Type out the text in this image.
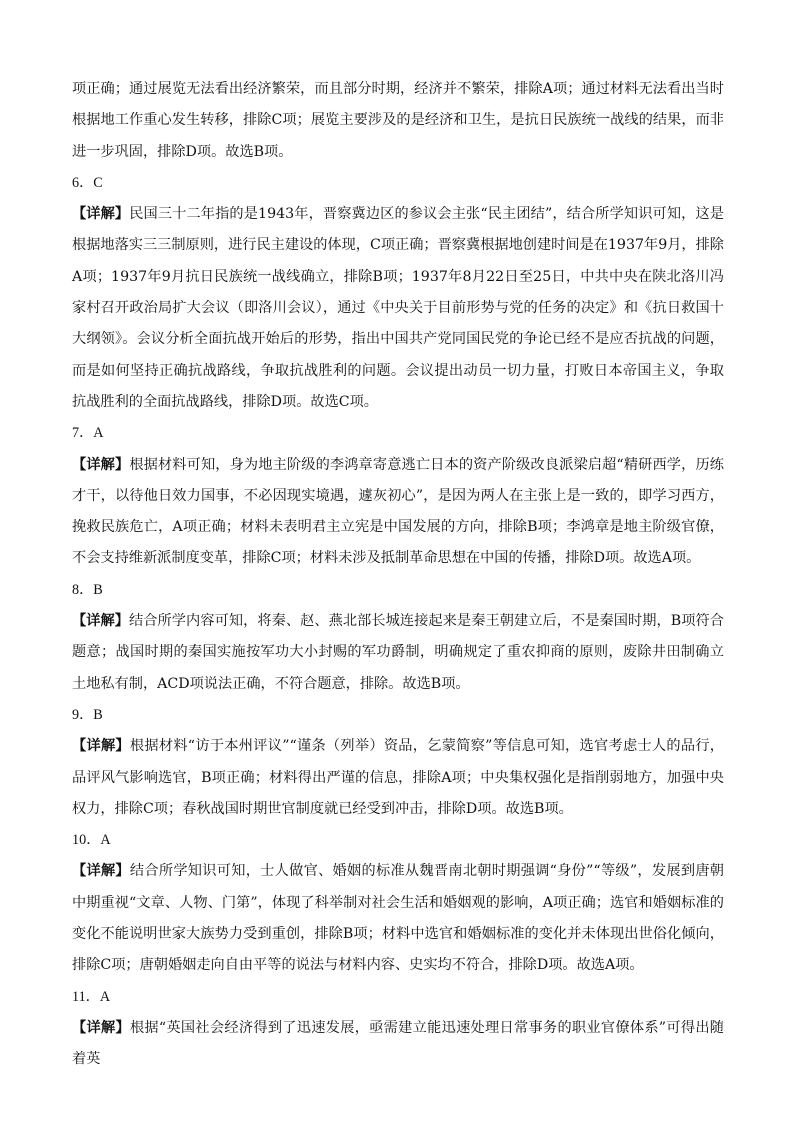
项正确；通过展览无法看出经济繁荣，而且部分时期，经济并不繁荣，排除A项；通过材料无法看出当时根据地工作重心发生转移，排除C项；展览主要涉及的是经济和卫生，是抗日民族统一战线的结果，而非进一步巩固，排除D项。故选B项。

6．C

【详解】民国三十二年指的是1943年，晋察冀边区的参议会主张“民主团结”，结合所学知识可知，这是根据地落实三三制原则，进行民主建设的体现，C项正确；晋察冀根据地创建时间是在1937年9月，排除A项；1937年9月抗日民族统一战线确立，排除B项；1937年8月22日至25日，中共中央在陕北洛川冯家村召开政治局扩大会议（即洛川会议），通过《中央关于目前形势与党的任务的决定》和《抗日救国十大纲领》。会议分析全面抗战开始后的形势，指出中国共产党同国民党的争论已经不是应否抗战的问题，而是如何坚持正确抗战路线，争取抗战胜利的问题。会议提出动员一切力量，打败日本帝国主义，争取抗战胜利的全面抗战路线，排除D项。故选C项。

7．A

【详解】根据材料可知，身为地主阶级的李鸿章寄意逃亡日本的资产阶级改良派梁启超“精研西学，历练才干，以待他日效力国事，不必因现实境遇，遽灰初心”，是因为两人在主张上是一致的，即学习西方，挽救民族危亡，A项正确；材料未表明君主立宪是中国发展的方向，排除B项；李鸿章是地主阶级官僚，不会支持维新派制度变革，排除C项；材料未涉及抵制革命思想在中国的传播，排除D项。故选A项。

8．B

【详解】结合所学内容可知，将秦、赵、燕北部长城连接起来是秦王朝建立后，不是秦国时期，B项符合题意；战国时期的秦国实施按军功大小封赐的军功爵制，明确规定了重农抑商的原则，废除井田制确立土地私有制，ACD项说法正确，不符合题意，排除。故选B项。

9．B

【详解】根据材料“访于本州评议”“谨条（列举）资品，乞蒙简察”等信息可知，选官考虑士人的品行，品评风气影响选官，B项正确；材料得出严谨的信息，排除A项；中央集权强化是指削弱地方，加强中央权力，排除C项；春秋战国时期世官制度就已经受到冲击，排除D项。故选B项。

10．A

【详解】结合所学知识可知，士人做官、婚姻的标准从魏晋南北朝时期强调“身份”“等级”，发展到唐朝中期重视“文章、人物、门第”，体现了科举制对社会生活和婚姻观的影响，A项正确；选官和婚姻标准的变化不能说明世家大族势力受到重创，排除B项；材料中选官和婚姻标准的变化并未体现出世俗化倾向，排除C项；唐朝婚姻走向自由平等的说法与材料内容、史实均不符合，排除D项。故选A项。

11．A

【详解】根据“英国社会经济得到了迅速发展，亟需建立能迅速处理日常事务的职业官僚体系”可得出随着英
